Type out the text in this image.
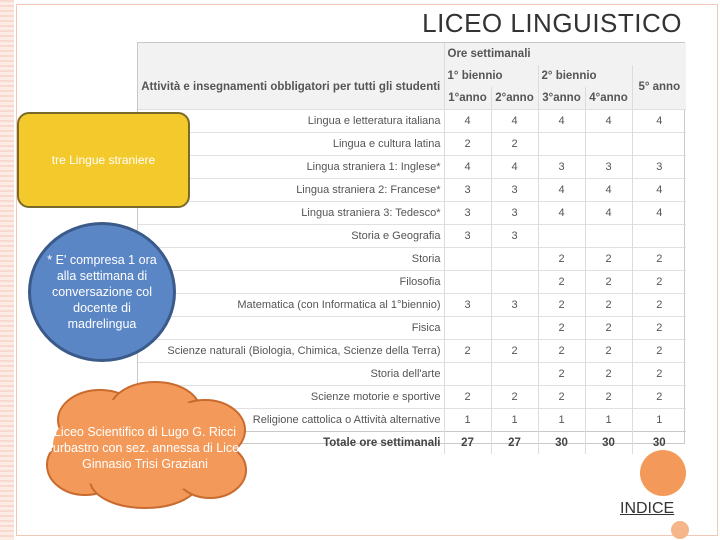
LICEO LINGUISTICO
	Ore settimanali				
Attività e insegnamenti obbligatori per tutti gli studenti	1° biennio		2° biennio		5° anno
	1°anno	2°anno	3°anno	4°anno	
Lingua e letteratura italiana	4	4	4	4	4
Lingua e cultura latina	2	2			
Lingua straniera 1: Inglese*	4	4	3	3	3
Lingua straniera 2: Francese*	3	3	4	4	4
Lingua straniera 3: Tedesco*	3	3	4	4	4
Storia e Geografia	3	3			
Storia			2	2	2
Filosofia			2	2	2
Matematica (con Informatica al 1°biennio)	3	3	2	2	2
Fisica			2	2	2
Scienze naturali (Biologia, Chimica, Scienze della Terra)	2	2	2	2	2
Storia dell'arte			2	2	2
Scienze motorie e sportive	2	2	2	2	2
Religione cattolica o Attività alternative	1	1	1	1	1
Totale ore settimanali	27	27	30	30	30
tre Lingue straniere
* E' compresa 1 ora alla settimana di conversazione col docente di madrelingua
Liceo Scientifico di Lugo G. Ricci Curbastro con sez. annessa di Liceo Ginnasio Trisi Graziani
INDICE
